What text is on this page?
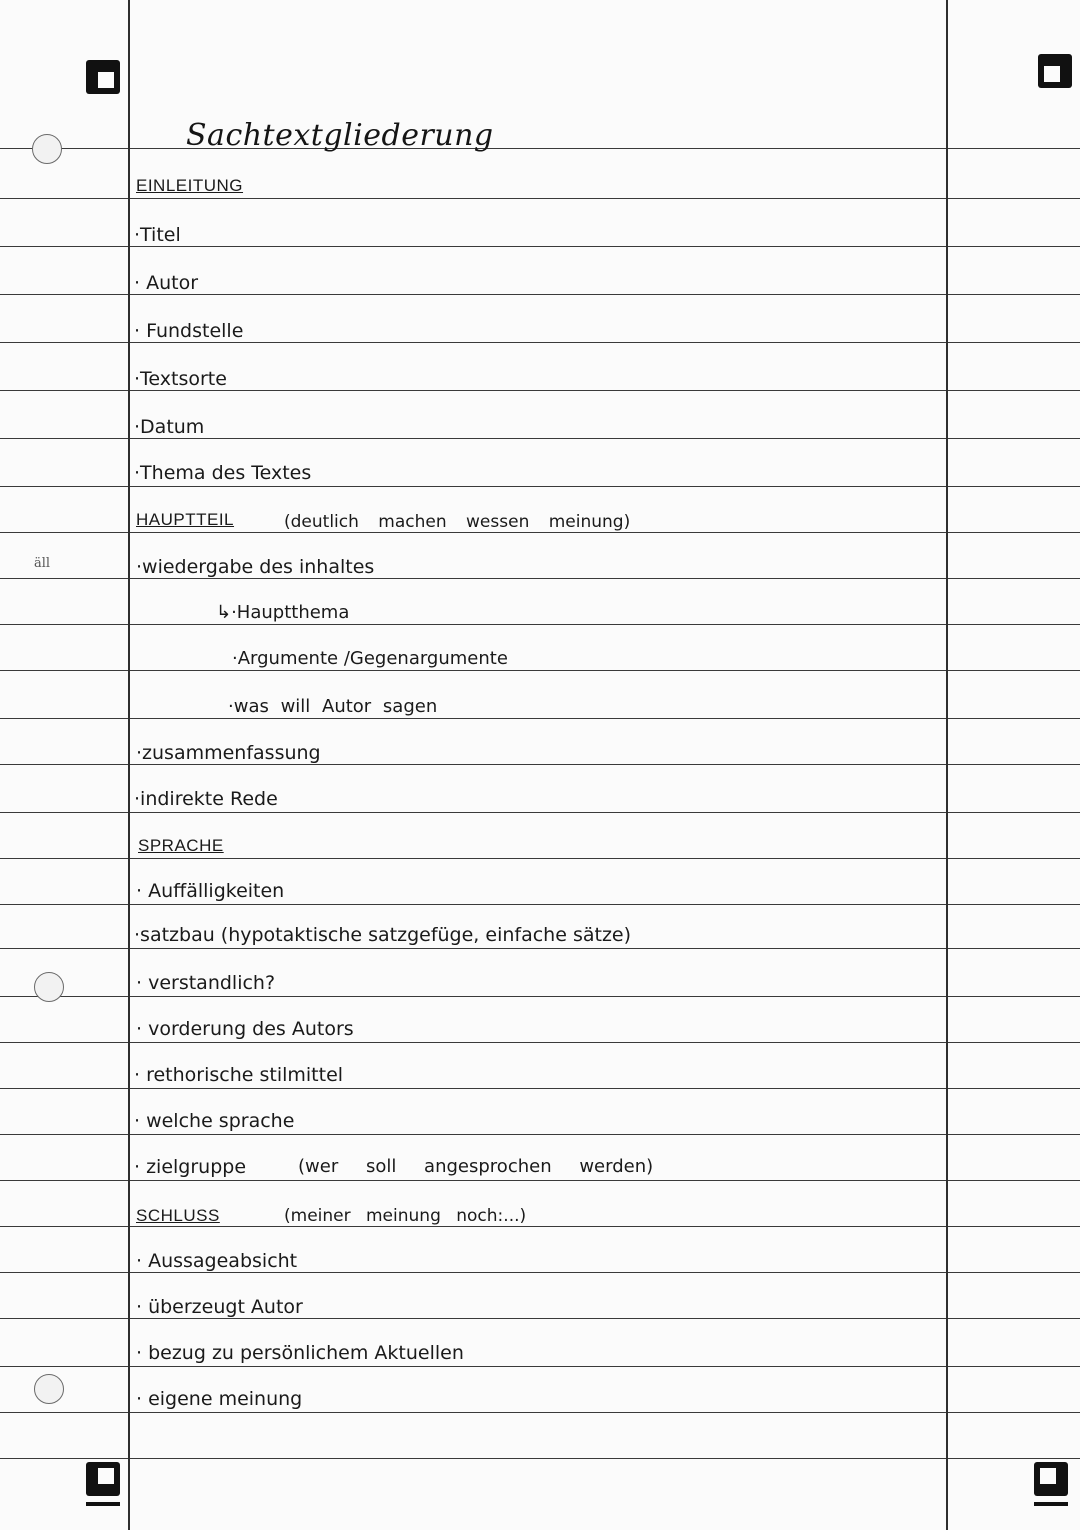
äll
Sachtextgliederung
EINLEITUNG
·Titel
· Autor
· Fundstelle
·Textsorte
·Datum
·Thema des Textes
HAUPTTEIL	(deutlich machen wessen meinung)
·wiedergabe des inhaltes
↳·Hauptthema
·Argumente /Gegenargumente
·was will Autor sagen
·zusammenfassung
·indirekte Rede
SPRACHE
· Auffälligkeiten
·satzbau (hypotaktische satzgefüge, einfache sätze)
· verstandlich?
· vorderung des Autors
· rethorische stilmittel
· welche sprache
· zielgruppe	(wer soll angesprochen werden)
SCHLUSS	(meiner meinung noch:...)
· Aussageabsicht
· überzeugt Autor
· bezug zu persönlichem Aktuellen
· eigene meinung
